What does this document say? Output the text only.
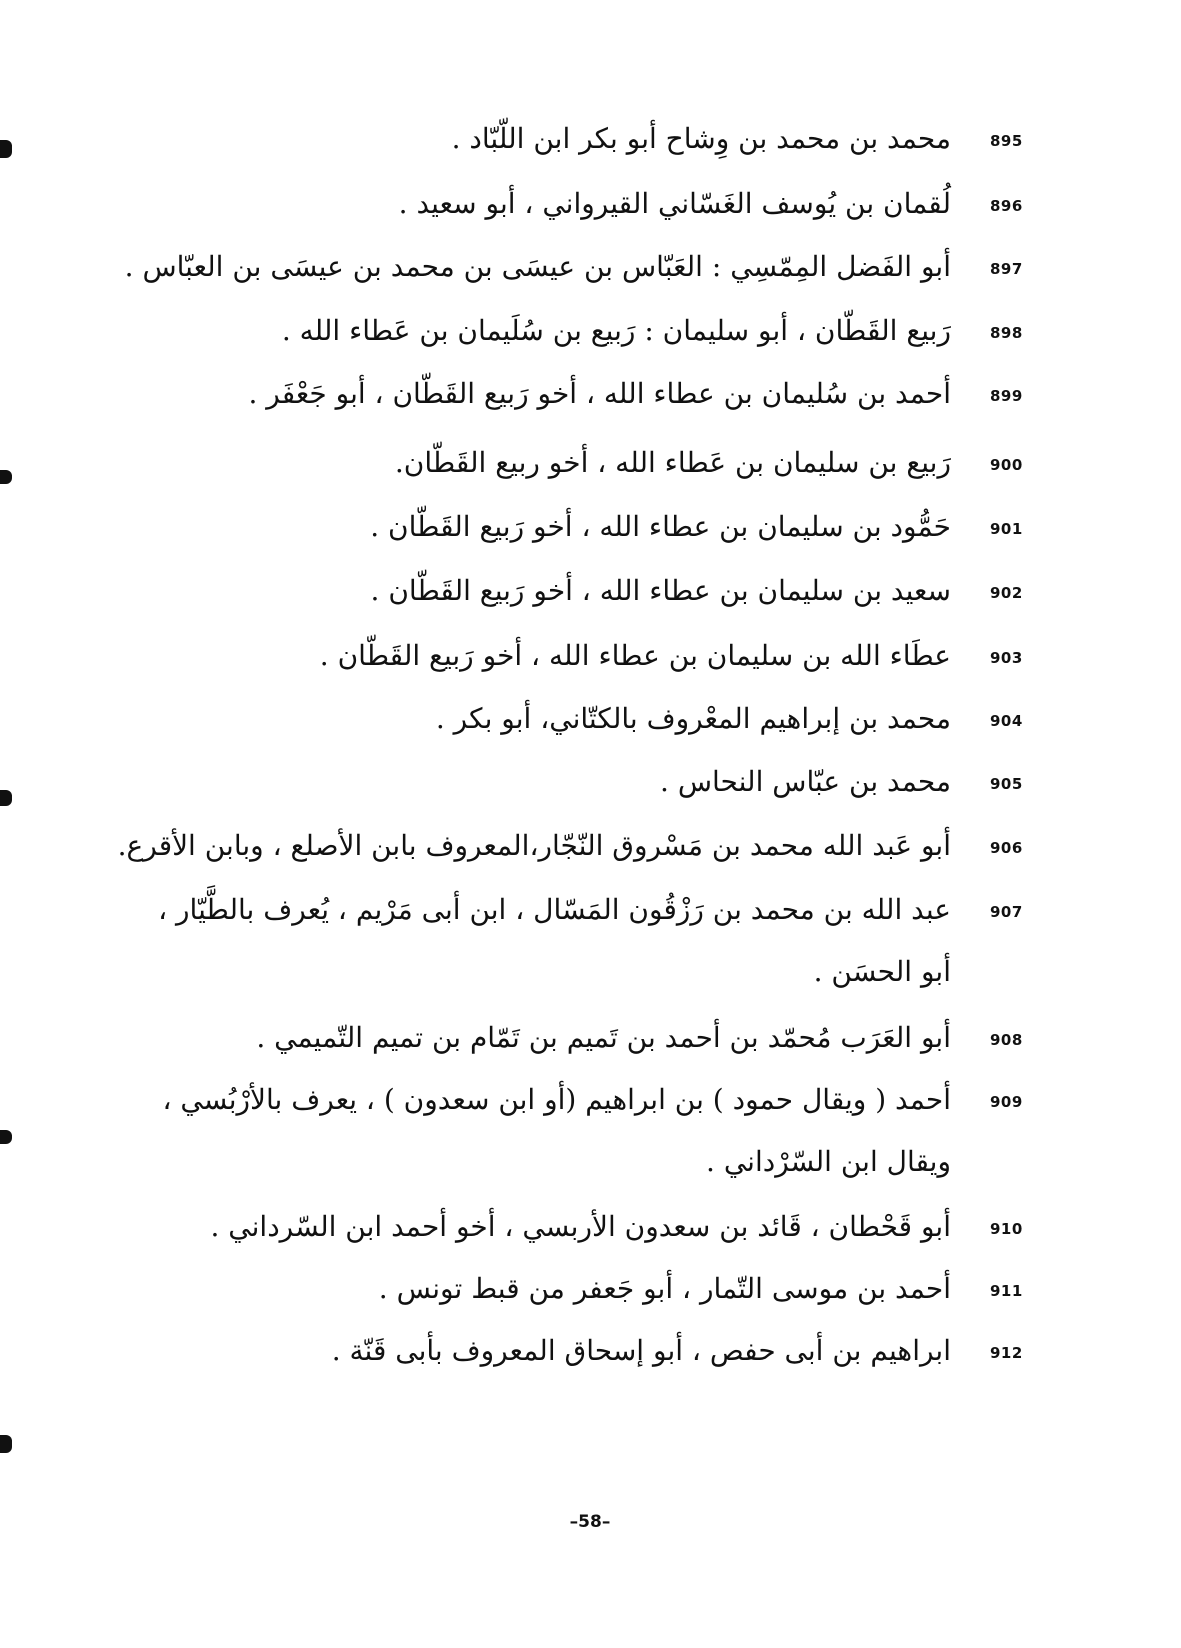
895
محمد بن محمد بن وِشاح أبو بكر ابن اللّبّاد .
896
لُقمان بن يُوسف الغَسّاني القيرواني ، أبو سعيد .
897
أبو الفَضل المِمّسِي : العَبّاس بن عيسَى بن محمد بن عيسَى بن العبّاس .
898
رَبيع القَطّان ، أبو سليمان : رَبيع بن سُلَيمان بن عَطاء الله .
899
أحمد بن سُليمان بن عطاء الله ، أخو رَبيع القَطّان ، أبو جَعْفَر .
900
رَبيع بن سليمان بن عَطاء الله ، أخو ربيع القَطّان.
901
حَمُّود بن سليمان بن عطاء الله ، أخو رَبيع القَطّان .
902
سعيد بن سليمان بن عطاء الله ، أخو رَبيع القَطّان .
903
عطَاء الله بن سليمان بن عطاء الله ، أخو رَبيع القَطّان .
904
محمد بن إبراهيم المعْروف بالكتّاني، أبو بكر .
905
محمد بن عبّاس النحاس .
906
أبو عَبد الله محمد بن مَسْروق النّجّار،المعروف بابن الأصلع ، وبابن الأقرع.
907
عبد الله بن محمد بن رَزْقُون المَسّال ، ابن أبى مَرْيم ، يُعرف بالطَّيّار ،
أبو الحسَن .
908
أبو العَرَب مُحمّد بن أحمد بن تَميم بن تَمّام بن تميم التّميمي .
909
أحمد ( ويقال حمود ) بن ابراهيم (أو ابن سعدون ) ، يعرف بالأرْبُسي ،
ويقال ابن السّرْداني .
910
أبو قَحْطان ، قَائد بن سعدون الأربسي ، أخو أحمد ابن السّرداني .
911
أحمد بن موسى التّمار ، أبو جَعفر من قبط تونس .
912
ابراهيم بن أبى حفص ، أبو إسحاق المعروف بأبى قَنّة .
–58–
